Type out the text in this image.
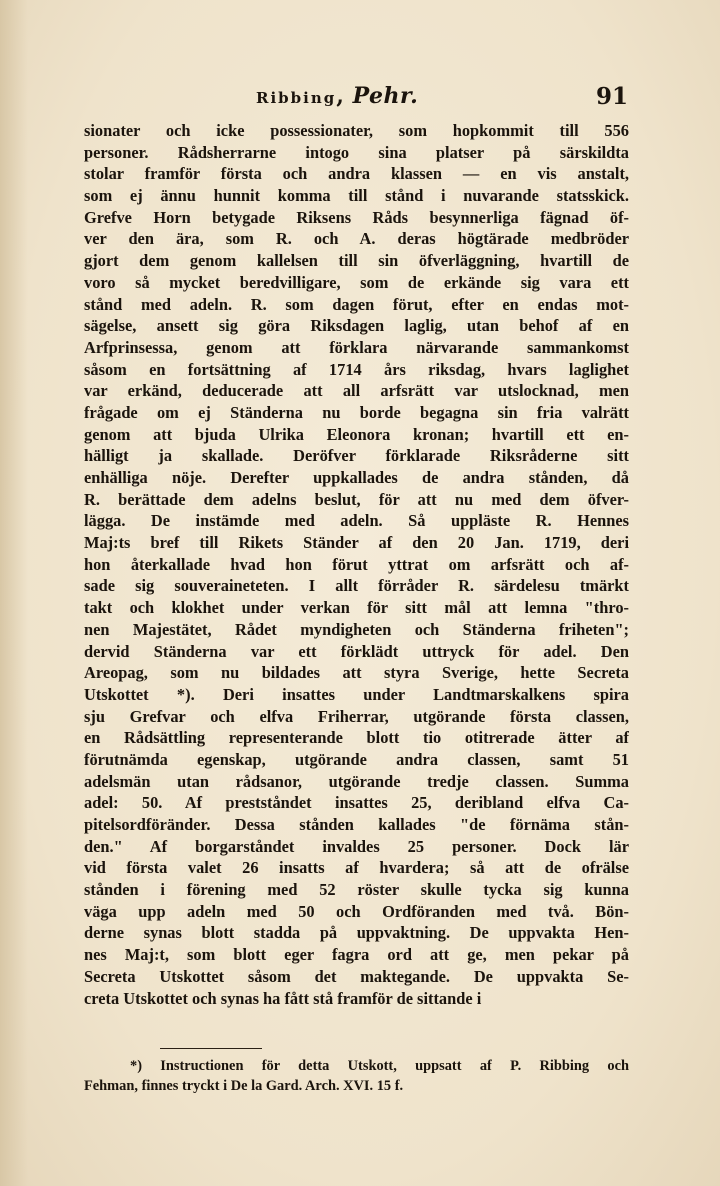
Ribbing, Pehr.	91
sionater och icke possessionater, som hopkommit till 556
personer. Rådsherrarne intogo sina platser på särskildta
stolar framför första och andra klassen — en vis anstalt,
som ej ännu hunnit komma till stånd i nuvarande statsskick.
Grefve Horn betygade Riksens Råds besynnerliga fägnad öf-
ver den ära, som R. och A. deras högtärade medbröder
gjort dem genom kallelsen till sin öfverläggning, hvartill de
voro så mycket beredvilligare, som de erkände sig vara ett
stånd med adeln. R. som dagen förut, efter en endas mot-
sägelse, ansett sig göra Riksdagen laglig, utan behof af en
Arfprinsessa, genom att förklara närvarande sammankomst
såsom en fortsättning af 1714 års riksdag, hvars laglighet
var erkänd, deducerade att all arfsrätt var utslocknad, men
frågade om ej Ständerna nu borde begagna sin fria valrätt
genom att bjuda Ulrika Eleonora kronan; hvartill ett en-
hälligt ja skallade. Deröfver förklarade Riksråderne sitt
enhälliga nöje. Derefter uppkallades de andra stånden, då
R. berättade dem adelns beslut, för att nu med dem öfver-
lägga. De instämde med adeln. Så uppläste R. Hennes
Maj:ts bref till Rikets Ständer af den 20 Jan. 1719, deri
hon återkallade hvad hon förut yttrat om arfsrätt och af-
sade sig souveraineteten. I allt förråder R. särdelesu tmärkt
takt och klokhet under verkan för sitt mål att lemna "thro-
nen Majestätet, Rådet myndigheten och Ständerna friheten";
dervid Ständerna var ett förklädt uttryck för adel. Den
Areopag, som nu bildades att styra Sverige, hette Secreta
Utskottet *). Deri insattes under Landtmarskalkens spira
sju Grefvar och elfva Friherrar, utgörande första classen,
en Rådsättling representerande blott tio otitrerade ätter af
förutnämda egenskap, utgörande andra classen, samt 51
adelsmän utan rådsanor, utgörande tredje classen. Summa
adel: 50. Af prestståndet insattes 25, deribland elfva Ca-
pitelsordföränder. Dessa stånden kallades "de förnäma stån-
den." Af borgarståndet invaldes 25 personer. Dock lär
vid första valet 26 insatts af hvardera; så att de ofrälse
stånden i förening med 52 röster skulle tycka sig kunna
väga upp adeln med 50 och Ordföranden med två. Bön-
derne synas blott stadda på uppvaktning. De uppvakta Hen-
nes Maj:t, som blott eger fagra ord att ge, men pekar på
Secreta Utskottet såsom det maktegande. De uppvakta Se-
creta Utskottet och synas ha fått stå framför de sittande i
*) Instructionen för detta Utskott, uppsatt af P. Ribbing och
Fehman, finnes tryckt i De la Gard. Arch. XVI. 15 f.
